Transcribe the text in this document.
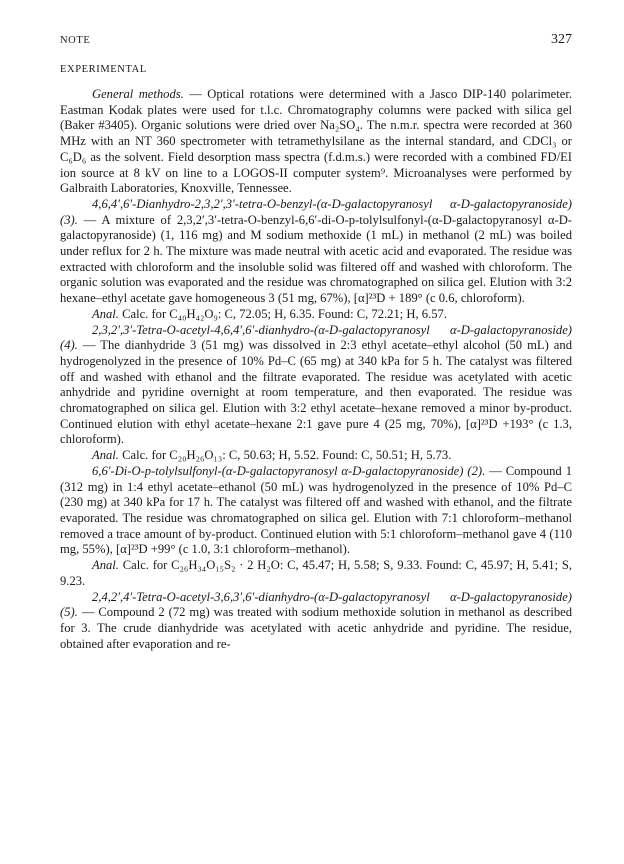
NOTE	327
EXPERIMENTAL

General methods. — Optical rotations were determined with a Jasco DIP-140 polarimeter. Eastman Kodak plates were used for t.l.c. Chromatography columns were packed with silica gel (Baker #3405). Organic solutions were dried over Na₂SO₄. The n.m.r. spectra were recorded at 360 MHz with an NT 360 spectrometer with tetramethylsilane as the internal standard, and CDCl₃ or C₆D₆ as the solvent. Field desorption mass spectra (f.d.m.s.) were recorded with a combined FD/EI ion source at 8 kV on line to a LOGOS-II computer system⁹. Microanalyses were performed by Galbraith Laboratories, Knoxville, Tennessee.

4,6,4′,6′-Dianhydro-2,3,2′,3′-tetra-O-benzyl-(α-D-galactopyranosyl α-D-galactopyranoside) (3). — A mixture of 2,3,2′,3′-tetra-O-benzyl-6,6′-di-O-p-tolylsulfonyl-(α-D-galactopyranosyl α-D-galactopyranoside) (1, 116 mg) and M sodium methoxide (1 mL) in methanol (2 mL) was boiled under reflux for 2 h. The mixture was made neutral with acetic acid and evaporated. The residue was extracted with chloroform and the insoluble solid was filtered off and washed with chloroform. The organic solution was evaporated and the residue was chromatographed on silica gel. Elution with 3:2 hexane–ethyl acetate gave homogeneous 3 (51 mg, 67%), [α]²³D + 189° (c 0.6, chloroform).

Anal. Calc. for C₄₀H₄₂O₉: C, 72.05; H, 6.35. Found: C, 72.21; H, 6.57.

2,3,2′,3′-Tetra-O-acetyl-4,6,4′,6′-dianhydro-(α-D-galactopyranosyl α-D-galactopyranoside) (4). — The dianhydride 3 (51 mg) was dissolved in 2:3 ethyl acetate–ethyl alcohol (50 mL) and hydrogenolyzed in the presence of 10% Pd–C (65 mg) at 340 kPa for 5 h. The catalyst was filtered off and washed with ethanol and the filtrate evaporated. The residue was acetylated with acetic anhydride and pyridine overnight at room temperature, and then evaporated. The residue was chromatographed on silica gel. Elution with 3:2 ethyl acetate–hexane removed a minor by-product. Continued elution with ethyl acetate–hexane 2:1 gave pure 4 (25 mg, 70%), [α]²³D +193° (c 1.3, chloroform).

Anal. Calc. for C₂₀H₂₆O₁₃: C, 50.63; H, 5.52. Found: C, 50.51; H, 5.73.

6,6′-Di-O-p-tolylsulfonyl-(α-D-galactopyranosyl α-D-galactopyranoside) (2). — Compound 1 (312 mg) in 1:4 ethyl acetate–ethanol (50 mL) was hydrogenolyzed in the presence of 10% Pd–C (230 mg) at 340 kPa for 17 h. The catalyst was filtered off and washed with ethanol, and the filtrate evaporated. The residue was chromatographed on silica gel. Elution with 7:1 chloroform–methanol removed a trace amount of by-product. Continued elution with 5:1 chloroform–methanol gave 4 (110 mg, 55%), [α]²³D +99° (c 1.0, 3:1 chloroform–methanol).

Anal. Calc. for C₂₆H₃₄O₁₅S₂ · 2 H₂O: C, 45.47; H, 5.58; S, 9.33. Found: C, 45.97; H, 5.41; S, 9.23.

2,4,2′,4′-Tetra-O-acetyl-3,6,3′,6′-dianhydro-(α-D-galactopyranosyl α-D-galactopyranoside) (5). — Compound 2 (72 mg) was treated with sodium methoxide solution in methanol as described for 3. The crude dianhydride was acetylated with acetic anhydride and pyridine. The residue, obtained after evaporation and re-
